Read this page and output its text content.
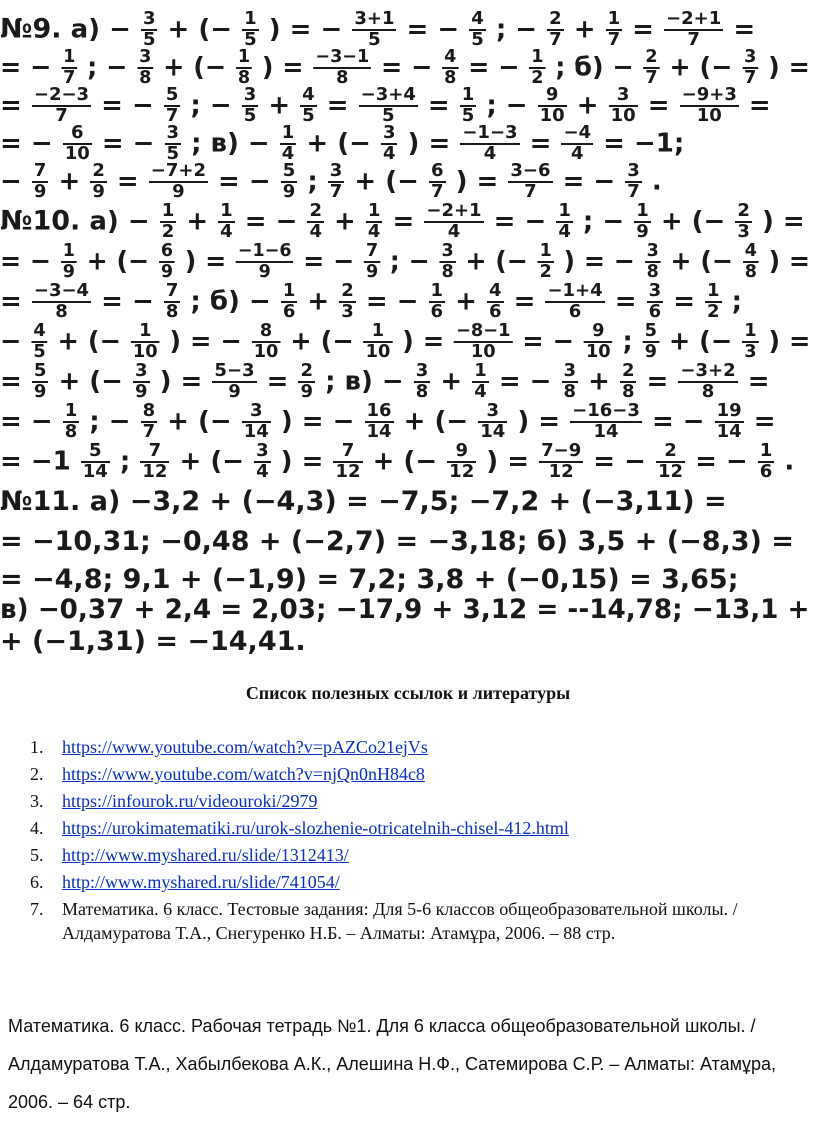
№9. $а) - \frac{3}{5}$ + (− $\frac{1}{5}$ ) = − $\frac{3+1}{5}$ = − $\frac{4}{5}$ ; − $\frac{2}{7} + \frac{1}{7} = \frac{-2+1}{7}$ =
= − $\frac{1}{7}$ ; − $\frac{3}{8}$ + (− $\frac{1}{8}$ ) = $\frac{-3-1}{8}$ = − $\frac{4}{8}$ = − $\frac{1}{2}$ ; $б) - \frac{2}{7}$ + (− $\frac{3}{7}$ ) =
= $\frac{-2-3}{7}$ = − $\frac{5}{7}$ ; − $\frac{3}{5} + \frac{4}{5} = \frac{-3+4}{5} = \frac{1}{5}$ ; − $\frac{9}{10} + \frac{3}{10} = \frac{-9+3}{10}$ =
= − $\frac{6}{10}$ = − $\frac{3}{5}$ ; $в) - \frac{1}{4}$ + (− $\frac{3}{4}$ ) = $\frac{-1-3}{4} = \frac{-4}{4} = -1$;
− $\frac{7}{9} + \frac{2}{9} = \frac{-7+2}{9}$ = − $\frac{5}{9}$ ; $\frac{3}{7}$ + (− $\frac{6}{7}$ ) = $\frac{3-6}{7}$ = − $\frac{3}{7}$ .
№10. $а) - \frac{1}{2} + \frac{1}{4}$ = − $\frac{2}{4} + \frac{1}{4} = \frac{-2+1}{4}$ = − $\frac{1}{4}$ ; − $\frac{1}{9}$ + (− $\frac{2}{3}$ ) =
= − $\frac{1}{9}$ + (− $\frac{6}{9}$ ) = $\frac{-1-6}{9}$ = − $\frac{7}{9}$ ; − $\frac{3}{8}$ + (− $\frac{1}{2}$ ) = − $\frac{3}{8}$ + (− $\frac{4}{8}$ ) =
= $\frac{-3-4}{8}$ = − $\frac{7}{8}$ ; $б) - \frac{1}{6} + \frac{2}{3}$ = − $\frac{1}{6} + \frac{4}{6} = \frac{-1+4}{6} = \frac{3}{6} = \frac{1}{2}$ ;
− $\frac{4}{5}$ + (− $\frac{1}{10}$ ) = − $\frac{8}{10}$ + (− $\frac{1}{10}$ ) = $\frac{-8-1}{10}$ = − $\frac{9}{10}$ ; $\frac{5}{9}$ + (− $\frac{1}{3}$ ) =
= $\frac{5}{9}$ + (− $\frac{3}{9}$ ) = $\frac{5-3}{9} = \frac{2}{9}$ ; $в) - \frac{3}{8} + \frac{1}{4}$ = − $\frac{3}{8} + \frac{2}{8} = \frac{-3+2}{8}$ =
= − $\frac{1}{8}$ ; − $\frac{8}{7}$ + (− $\frac{3}{14}$ ) = − $\frac{16}{14}$ + (− $\frac{3}{14}$ ) = $\frac{-16-3}{14}$ = − $\frac{19}{14}$ =
= $-1 \frac{5}{14}$ ; $\frac{7}{12}$ + (− $\frac{3}{4}$ ) = $\frac{7}{12}$ + (− $\frac{9}{12}$ ) = $\frac{7-9}{12}$ = − $\frac{2}{12}$ = − $\frac{1}{6}$ .
№11. а) −3,2 + (−4,3) = −7,5; −7,2 + (−3,11) =
= −10,31; −0,48 + (−2,7) = −3,18; б) 3,5 + (−8,3) =
= −4,8; 9,1 + (−1,9) = 7,2; 3,8 + (−0,15) = 3,65;
в) −0,37 + 2,4 = 2,03; −17,9 + 3,12 = --14,78; −13,1 +
+ (−1,31) = −14,41.
Список полезных ссылок и литературы
1. https://www.youtube.com/watch?v=pAZCo21ejVs
2. https://www.youtube.com/watch?v=njQn0nH84c8
3. https://infourok.ru/videouroki/2979
4. https://urokimatematiki.ru/urok-slozhenie-otricatelnih-chisel-412.html
5. http://www.myshared.ru/slide/1312413/
6. http://www.myshared.ru/slide/741054/
7. Математика. 6 класс. Тестовые задания: Для 5-6 классов общеобразовательной школы. /Алдамуратова Т.А., Снегуренко Н.Б. – Алматы: Атамұра, 2006. – 88 стр.
Математика. 6 класс. Рабочая тетрадь №1. Для 6 класса общеобразовательной школы. /Алдамуратова Т.А., Хабылбекова А.К., Алешина Н.Ф., Сатемирова С.Р. – Алматы: Атамұра, 2006. – 64 стр.
